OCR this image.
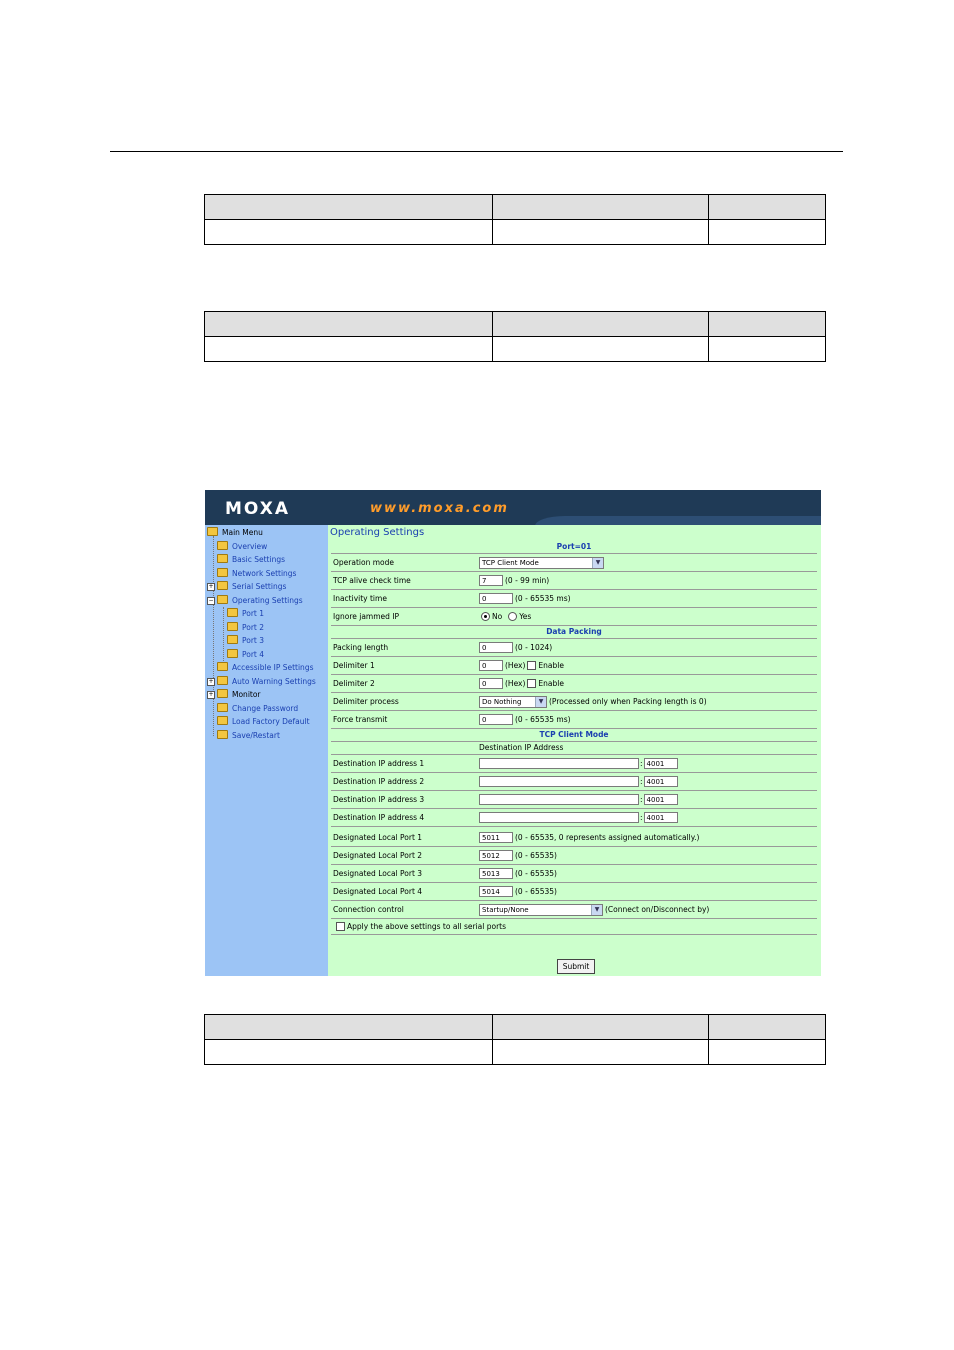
MOXA	www.moxa.com
Main Menu
Overview
Basic Settings
Network Settings
+ Serial Settings
− Operating Settings
Port 1
Port 2
Port 3
Port 4
Accessible IP Settings
+ Auto Warning Settings
+ Monitor
Change Password
Load Factory Default
Save/Restart
Operating Settings
Port=01
Operation mode	TCP Client Mode	▼
TCP alive check time	7	(0 - 99 min)
Inactivity time	0	(0 - 65535 ms)
Ignore jammed IP	No Yes
Data Packing
Packing length	0	(0 - 1024)
Delimiter 1	0	(Hex) Enable
Delimiter 2	0	(Hex) Enable
Delimiter process	Do Nothing	▼ (Processed only when Packing length is 0)
Force transmit	0	(0 - 65535 ms)
TCP Client Mode
Destination IP Address
Destination IP address 1	: 4001
Destination IP address 2	: 4001
Destination IP address 3	: 4001
Destination IP address 4	: 4001
Designated Local Port 1	5011	(0 - 65535, 0 represents assigned automatically.)
Designated Local Port 2	5012	(0 - 65535)
Designated Local Port 3	5013	(0 - 65535)
Designated Local Port 4	5014	(0 - 65535)
Connection control	Startup/None	▼ (Connect on/Disconnect by)
Apply the above settings to all serial ports
Submit
